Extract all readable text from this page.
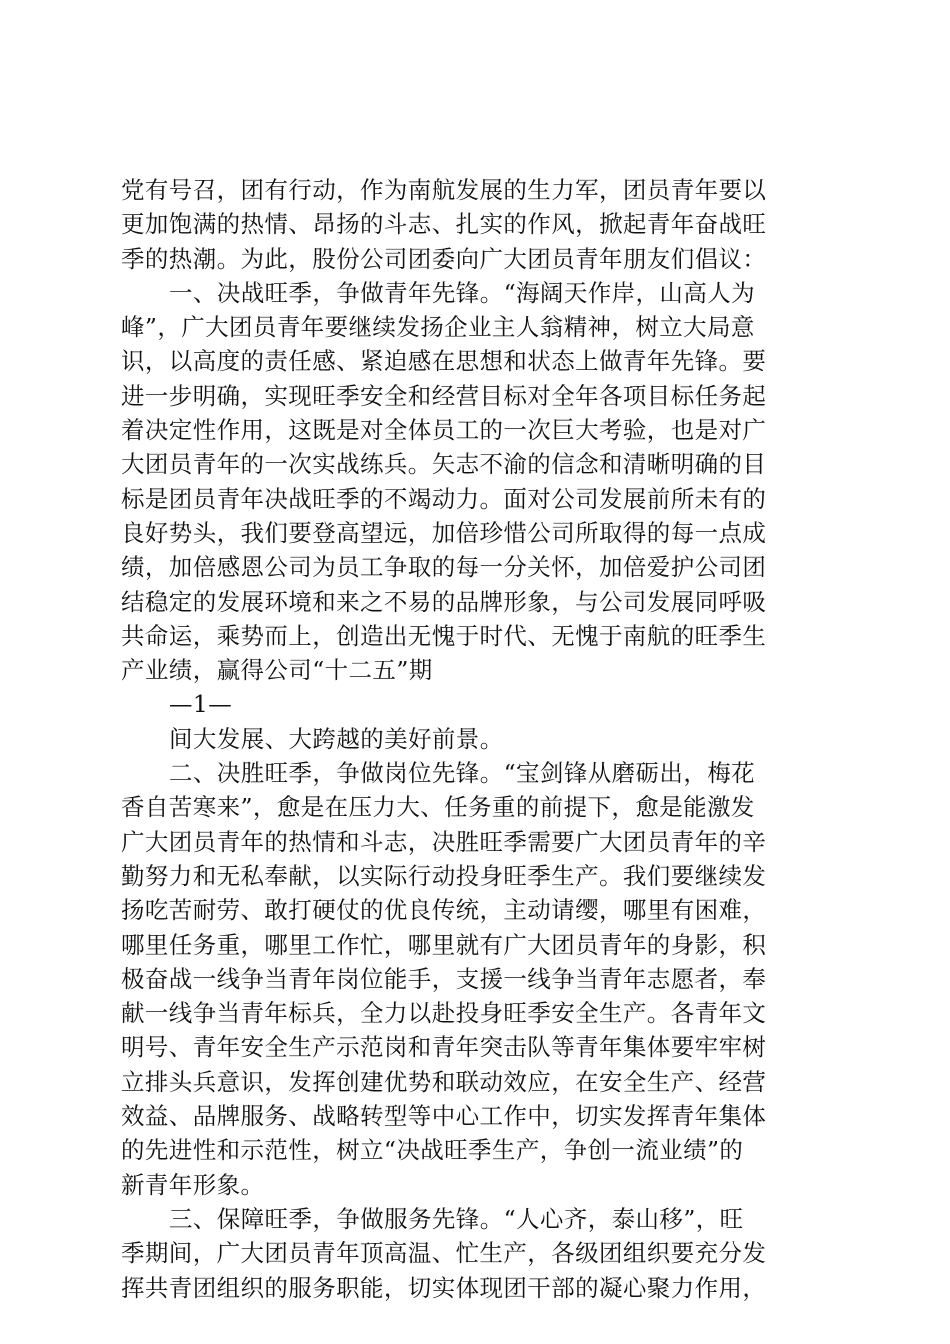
党有号召，团有行动，作为南航发展的生力军，团员青年要以
更加饱满的热情、昂扬的斗志、扎实的作风，掀起青年奋战旺
季的热潮。为此，股份公司团委向广大团员青年朋友们倡议：
一、决战旺季，争做青年先锋。“海阔天作岸，山高人为
峰”，广大团员青年要继续发扬企业主人翁精神，树立大局意
识，以高度的责任感、紧迫感在思想和状态上做青年先锋。要
进一步明确，实现旺季安全和经营目标对全年各项目标任务起
着决定性作用，这既是对全体员工的一次巨大考验，也是对广
大团员青年的一次实战练兵。矢志不渝的信念和清晰明确的目
标是团员青年决战旺季的不竭动力。面对公司发展前所未有的
良好势头，我们要登高望远，加倍珍惜公司所取得的每一点成
绩，加倍感恩公司为员工争取的每一分关怀，加倍爱护公司团
结稳定的发展环境和来之不易的品牌形象，与公司发展同呼吸
共命运，乘势而上，创造出无愧于时代、无愧于南航的旺季生
产业绩，赢得公司“十二五”期
—1—
间大发展、大跨越的美好前景。
二、决胜旺季，争做岗位先锋。“宝剑锋从磨砺出，梅花
香自苦寒来”，愈是在压力大、任务重的前提下，愈是能激发
广大团员青年的热情和斗志，决胜旺季需要广大团员青年的辛
勤努力和无私奉献，以实际行动投身旺季生产。我们要继续发
扬吃苦耐劳、敢打硬仗的优良传统，主动请缨，哪里有困难，
哪里任务重，哪里工作忙，哪里就有广大团员青年的身影，积
极奋战一线争当青年岗位能手，支援一线争当青年志愿者，奉
献一线争当青年标兵，全力以赴投身旺季安全生产。各青年文
明号、青年安全生产示范岗和青年突击队等青年集体要牢牢树
立排头兵意识，发挥创建优势和联动效应，在安全生产、经营
效益、品牌服务、战略转型等中心工作中，切实发挥青年集体
的先进性和示范性，树立“决战旺季生产，争创一流业绩”的
新青年形象。
三、保障旺季，争做服务先锋。“人心齐，泰山移”，旺
季期间，广大团员青年顶高温、忙生产，各级团组织要充分发
挥共青团组织的服务职能，切实体现团干部的凝心聚力作用，
